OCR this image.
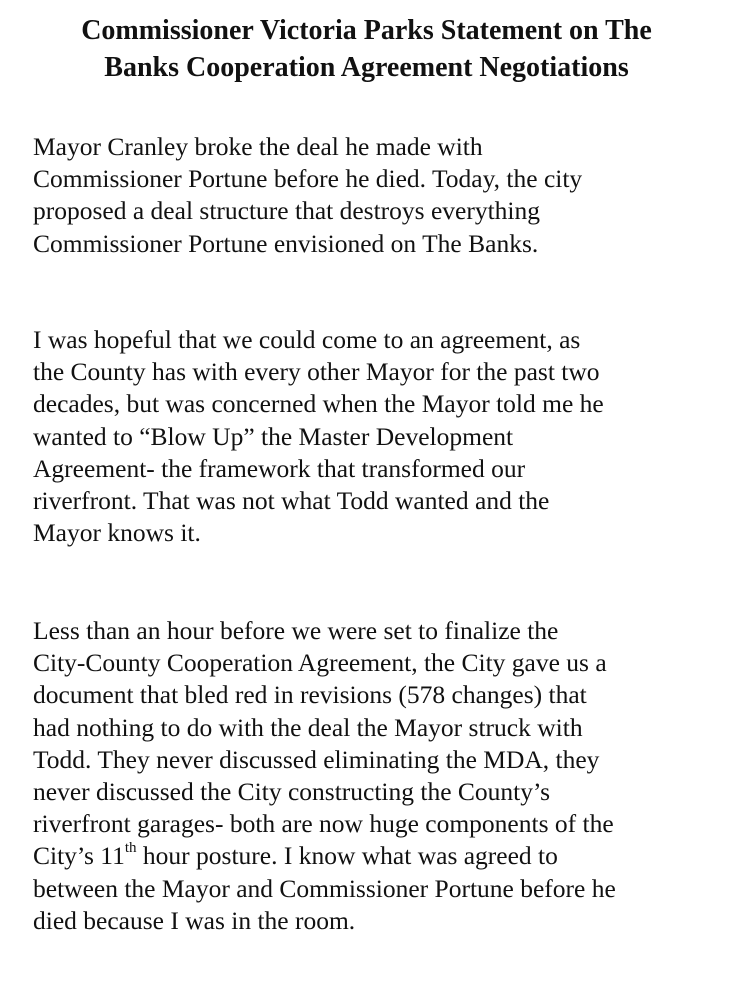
Commissioner Victoria Parks Statement on The
Banks Cooperation Agreement Negotiations

Mayor Cranley broke the deal he made with
Commissioner Portune before he died. Today, the city
proposed a deal structure that destroys everything
Commissioner Portune envisioned on The Banks.

I was hopeful that we could come to an agreement, as
the County has with every other Mayor for the past two
decades, but was concerned when the Mayor told me he
wanted to “Blow Up” the Master Development
Agreement- the framework that transformed our
riverfront. That was not what Todd wanted and the
Mayor knows it.

Less than an hour before we were set to finalize the
City-County Cooperation Agreement, the City gave us a
document that bled red in revisions (578 changes) that
had nothing to do with the deal the Mayor struck with
Todd. They never discussed eliminating the MDA, they
never discussed the City constructing the County’s
riverfront garages- both are now huge components of the
City’s 11th hour posture. I know what was agreed to
between the Mayor and Commissioner Portune before he
died because I was in the room.
